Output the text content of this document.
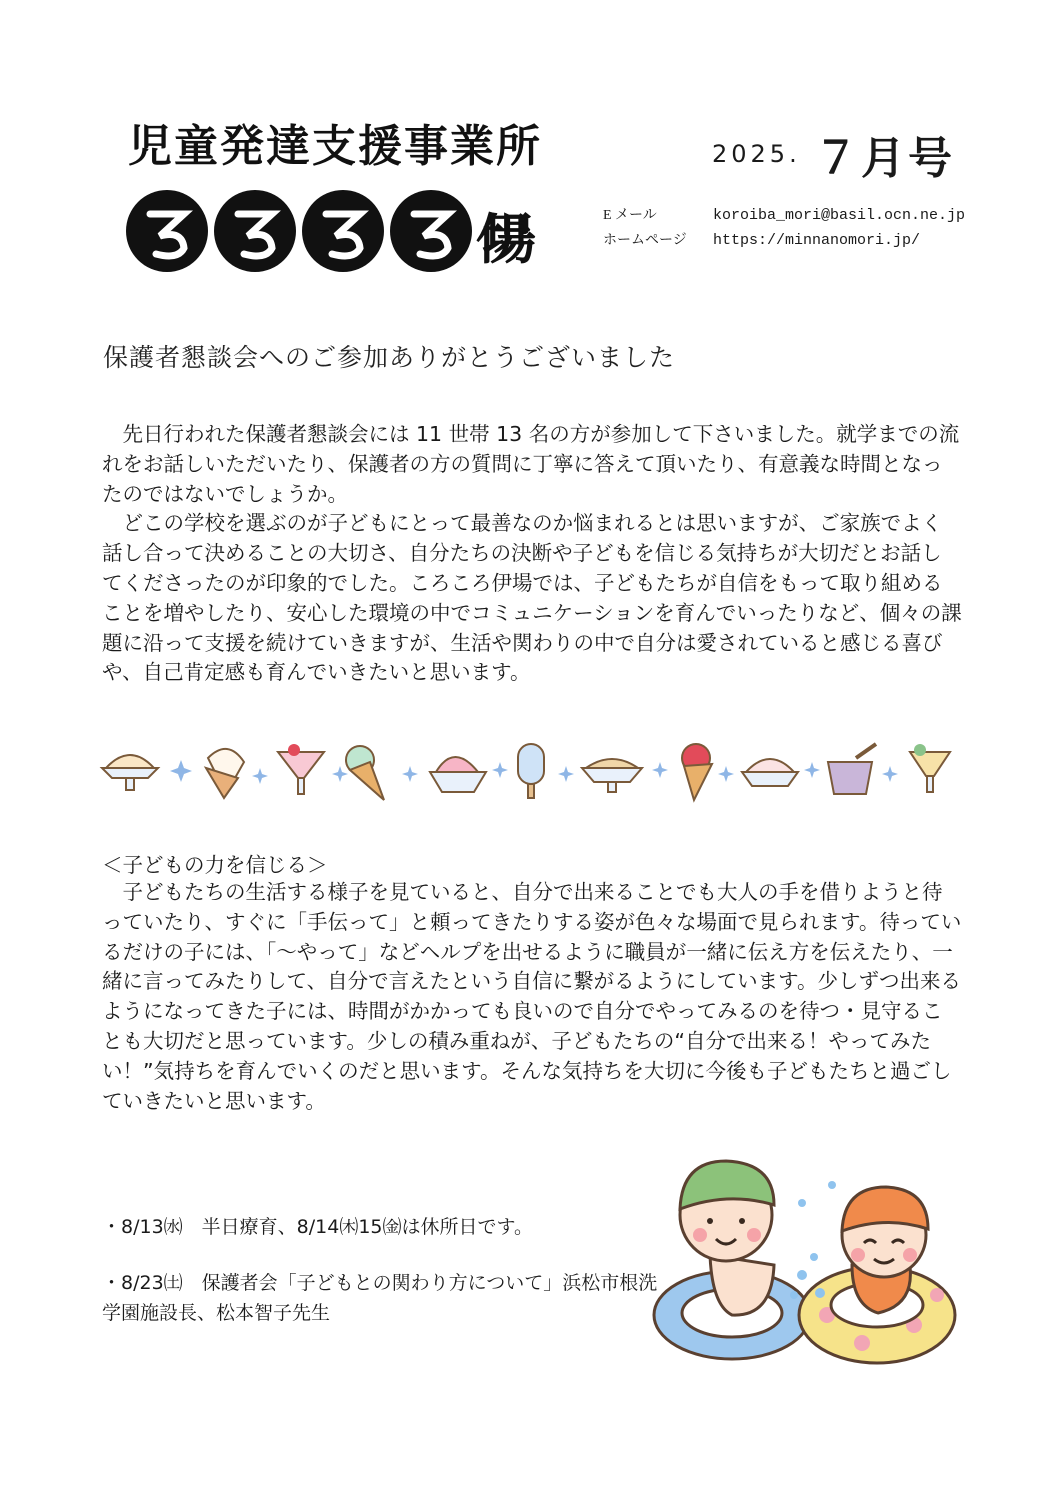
児童発達支援事業所
伊場
2025. ７月号
E メール	koroiba_mori@basil.ocn.ne.jp
ホームページ https://minnanomori.jp/
保護者懇談会へのご参加ありがとうございました

先日行われた保護者懇談会には 11 世帯 13 名の方が参加して下さいました。就学までの流れをお話しいただいたり、保護者の方の質問に丁寧に答えて頂いたり、有意義な時間となったのではないでしょうか。

どこの学校を選ぶのが子どもにとって最善なのか悩まれるとは思いますが、ご家族でよく話し合って決めることの大切さ、自分たちの決断や子どもを信じる気持ちが大切だとお話してくださったのが印象的でした。ころころ伊場では、子どもたちが自信をもって取り組めることを増やしたり、安心した環境の中でコミュニケーションを育んでいったりなど、個々の課題に沿って支援を続けていきますが、生活や関わりの中で自分は愛されていると感じる喜びや、自己肯定感も育んでいきたいと思います。

＜子どもの力を信じる＞

子どもたちの生活する様子を見ていると、自分で出来ることでも大人の手を借りようと待っていたり、すぐに「手伝って」と頼ってきたりする姿が色々な場面で見られます。待っているだけの子には、「～やって」などヘルプを出せるように職員が一緒に伝え方を伝えたり、一緒に言ってみたりして、自分で言えたという自信に繋がるようにしています。少しずつ出来るようになってきた子には、時間がかかっても良いので自分でやってみるのを待つ・見守ることも大切だと思っています。少しの積み重ねが、子どもたちの“自分で出来る！やってみたい！”気持ちを育んでいくのだと思います。そんな気持ちを大切に今後も子どもたちと過ごしていきたいと思います。

・8/13㈬　半日療育、8/14㈭15㈮は休所日です。
・8/23㈯　保護者会「子どもとの関わり方について」浜松市根洗学園施設長、松本智子先生
